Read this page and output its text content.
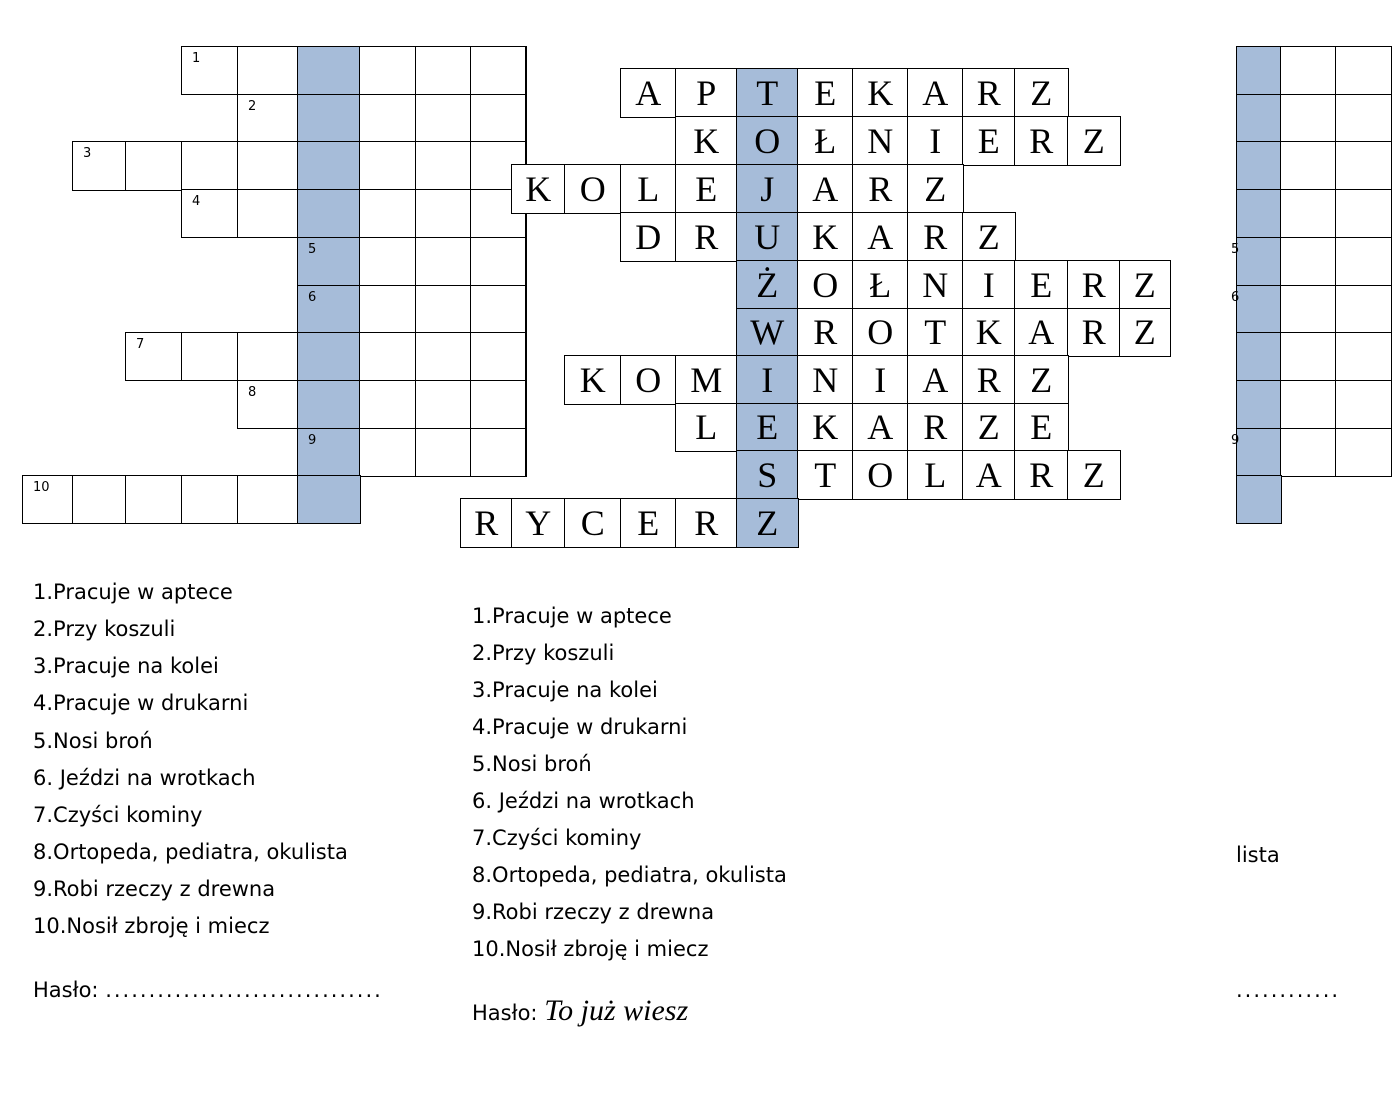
1
2
3
4
5
6
7
8
9
10
1.Pracuje w aptece
2.Przy koszuli
3.Pracuje na kolei
4.Pracuje w drukarni
5.Nosi broń
6. Jeździ na wrotkach
7.Czyści kominy
8.Ortopeda, pediatra, okulista
9.Robi rzeczy z drewna
10.Nosił zbroję i miecz
Hasło: ................................
A P	T	E K A R Z
K O Ł N	I	E R Z
K O L	E	J	A R Z
D R	U K A R Z
Ż O Ł N I E R Z
W R O T K A R Z
K O M	I	N	I	A R Z
L	E K A R Z E
S	T O L A R Z
R Y C E R	Z
1.Pracuje w aptece
2.Przy koszuli
3.Pracuje na kolei
4.Pracuje w drukarni
5.Nosi broń
6. Jeździ na wrotkach
7.Czyści kominy
8.Ortopeda, pediatra, okulista
9.Robi rzeczy z drewna
10.Nosił zbroję i miecz
Hasło: To już wiesz
5
6
9
lista
............
